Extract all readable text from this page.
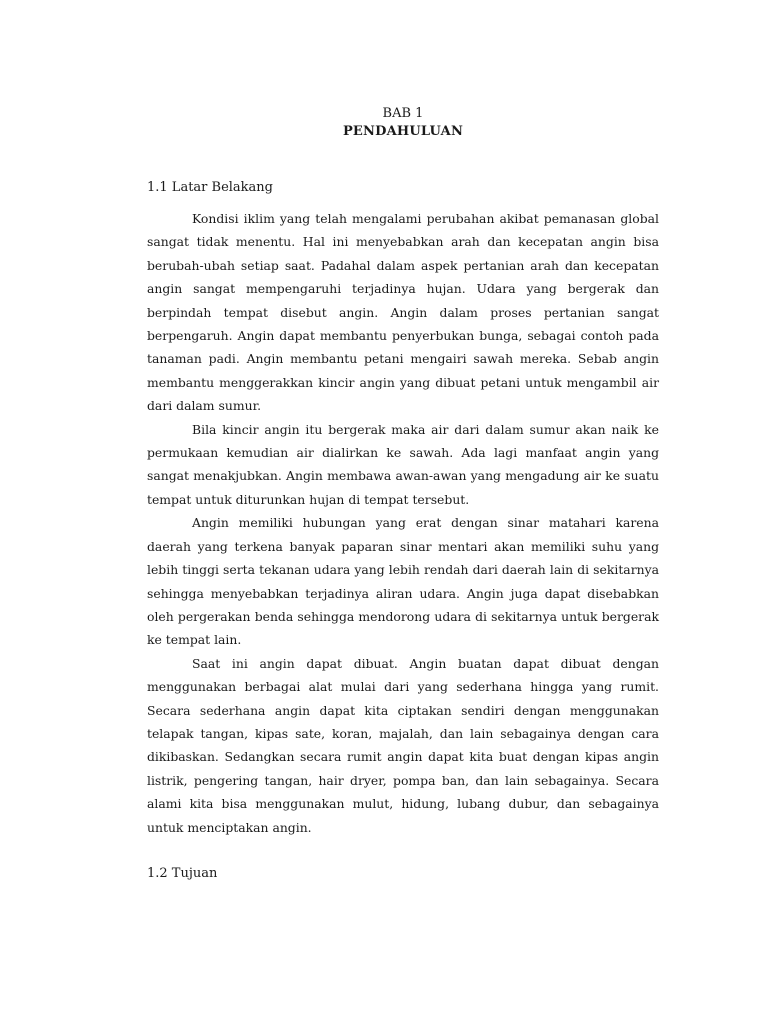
BAB 1
PENDAHULUAN
1.1 Latar Belakang

Kondisi iklim yang telah mengalami perubahan akibat pemanasan global sangat tidak menentu. Hal ini menyebabkan arah dan kecepatan angin bisa berubah-ubah setiap saat. Padahal dalam aspek pertanian arah dan kecepatan angin sangat mempengaruhi terjadinya hujan. Udara yang bergerak dan berpindah tempat disebut angin. Angin dalam proses pertanian sangat berpengaruh. Angin dapat membantu penyerbukan bunga, sebagai contoh pada tanaman padi. Angin membantu petani mengairi sawah mereka. Sebab angin membantu menggerakkan kincir angin yang dibuat petani untuk mengambil air dari dalam sumur.

Bila kincir angin itu bergerak maka air dari dalam sumur akan naik ke permukaan kemudian air dialirkan ke sawah. Ada lagi manfaat angin yang sangat menakjubkan. Angin membawa awan-awan yang mengadung air ke suatu tempat untuk diturunkan hujan di tempat tersebut.

Angin memiliki hubungan yang erat dengan sinar matahari karena daerah yang terkena banyak paparan sinar mentari akan memiliki suhu yang lebih tinggi serta tekanan udara yang lebih rendah dari daerah lain di sekitarnya sehingga menyebabkan terjadinya aliran udara. Angin juga dapat disebabkan oleh pergerakan benda sehingga mendorong udara di sekitarnya untuk bergerak ke tempat lain.

Saat ini angin dapat dibuat. Angin buatan dapat dibuat dengan menggunakan berbagai alat mulai dari yang sederhana hingga yang rumit. Secara sederhana angin dapat kita ciptakan sendiri dengan menggunakan telapak tangan, kipas sate, koran, majalah, dan lain sebagainya dengan cara dikibaskan. Sedangkan secara rumit angin dapat kita buat dengan kipas angin listrik, pengering tangan, hair dryer, pompa ban, dan lain sebagainya. Secara alami kita bisa menggunakan mulut, hidung, lubang dubur, dan sebagainya untuk menciptakan angin.

1.2 Tujuan
